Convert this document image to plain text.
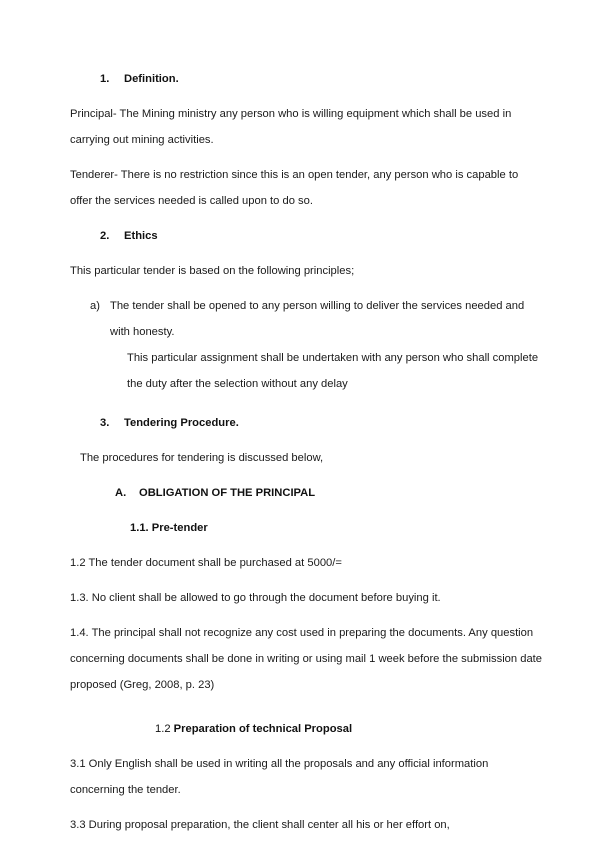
1.	Definition.

Principal- The Mining ministry any person who is willing equipment which shall be used in carrying out mining activities.

Tenderer- There is no restriction since this is an open tender, any person who is capable to offer the services needed is called upon to do so.

2.	Ethics

This particular tender is based on the following principles;

a) The tender shall be opened to any person willing to deliver the services needed and with honesty.
This particular assignment shall be undertaken with any person who shall complete the duty after the selection without any delay
3.	Tendering Procedure.

The procedures for tendering is discussed below,

A.	OBLIGATION OF THE PRINCIPAL
1.1. Pre-tender

1.2 The tender document shall be purchased at 5000/=

1.3. No client shall be allowed to go through the document before buying it.

1.4. The principal shall not recognize any cost used in preparing the documents. Any question concerning documents shall be done in writing or using mail 1 week before the submission date proposed (Greg, 2008, p. 23)

1.2 Preparation of technical Proposal

3.1 Only English shall be used in writing all the proposals and any official information concerning the tender.

3.3 During proposal preparation, the client shall center all his or her effort on,
